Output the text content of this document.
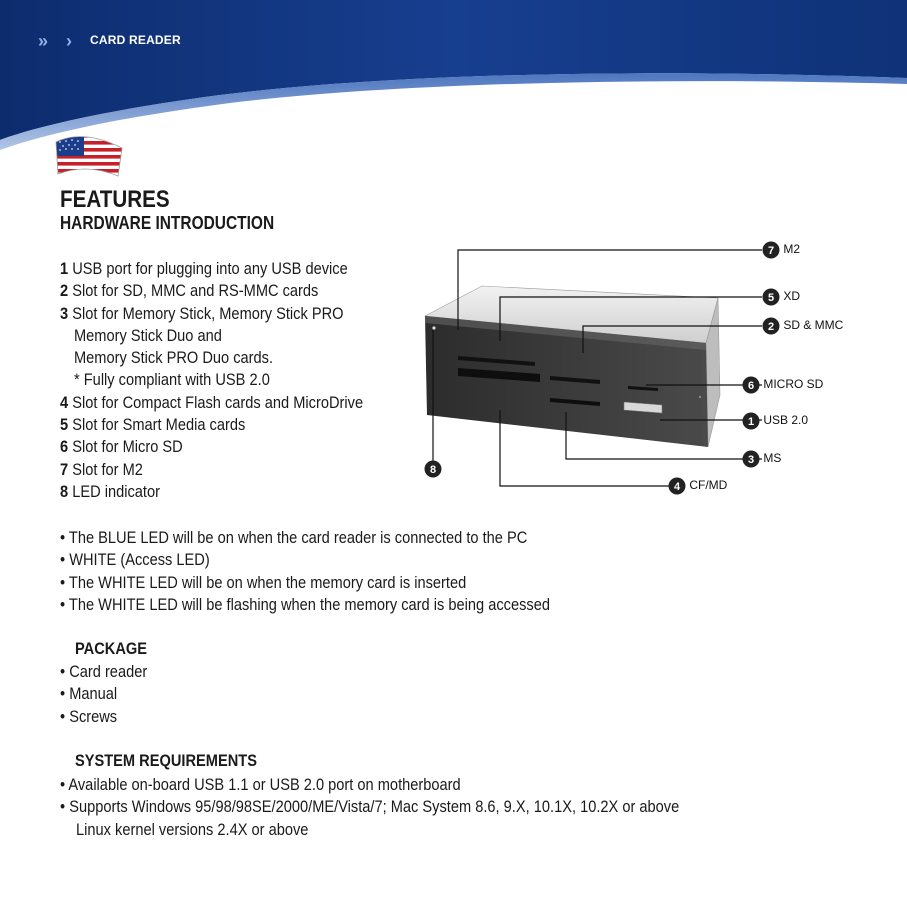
» › CARD READER
FEATURES
HARDWARE INTRODUCTION
1 USB port for plugging into any USB device
2 Slot for SD, MMC and RS-MMC cards
3 Slot for Memory Stick, Memory Stick PRO
Memory Stick Duo and
Memory Stick PRO Duo cards.
* Fully compliant with USB 2.0
4 Slot for Compact Flash cards and MicroDrive
5 Slot for Smart Media cards
6 Slot for Micro SD
7 Slot for M2
8 LED indicator
7 M2
5 XD
2 SD & MMC
6 MICRO SD
1 USB 2.0
3 MS
4 CF/MD
8
• The BLUE LED will be on when the card reader is connected to the PC
• WHITE (Access LED)
• The WHITE LED will be on when the memory card is inserted
• The WHITE LED will be flashing when the memory card is being accessed
PACKAGE
• Card reader
• Manual
• Screws
SYSTEM REQUIREMENTS
• Available on-board USB 1.1 or USB 2.0 port on motherboard
• Supports Windows 95/98/98SE/2000/ME/Vista/7; Mac System 8.6, 9.X, 10.1X, 10.2X or above
Linux kernel versions 2.4X or above
